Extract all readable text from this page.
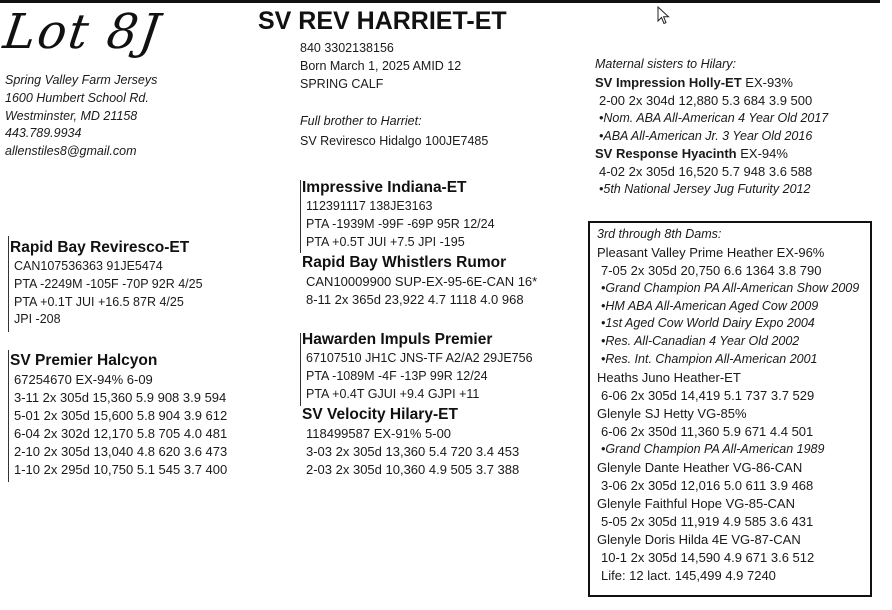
Lot 8J	SV REV HARRIET-ET
Spring Valley Farm Jerseys
1600 Humbert School Rd.
Westminster, MD 21158
443.789.9934
allenstiles8@gmail.com
840 3302138156
Born March 1, 2025 AMID 12
SPRING CALF
Full brother to Harriet:
SV Reviresco Hidalgo 100JE7485
Rapid Bay Reviresco-ET
CAN107536363 91JE5474
PTA -2249M -105F -70P 92R 4/25
PTA +0.1T JUI +16.5 87R 4/25
JPI -208
SV Premier Halcyon
67254670 EX-94% 6-09
3-11 2x 305d 15,360 5.9 908 3.9 594
5-01 2x 305d 15,600 5.8 904 3.9 612
6-04 2x 302d 12,170 5.8 705 4.0 481
2-10 2x 305d 13,040 4.8 620 3.6 473
1-10 2x 295d 10,750 5.1 545 3.7 400
Impressive Indiana-ET
112391117 138JE3163
PTA -1939M -99F -69P 95R 12/24
PTA +0.5T JUI +7.5 JPI -195
Rapid Bay Whistlers Rumor
CAN10009900 SUP-EX-95-6E-CAN 16*
8-11 2x 365d 23,922 4.7 1118 4.0 968
Hawarden Impuls Premier
67107510 JH1C JNS-TF A2/A2 29JE756
PTA -1089M -4F -13P 99R 12/24
PTA +0.4T GJUI +9.4 GJPI +11
SV Velocity Hilary-ET
118499587 EX-91% 5-00
3-03 2x 305d 13,360 5.4 720 3.4 453
2-03 2x 305d 10,360 4.9 505 3.7 388
Maternal sisters to Hilary:
SV Impression Holly-ET EX-93%
2-00 2x 304d 12,880 5.3 684 3.9 500
•Nom. ABA All-American 4 Year Old 2017
•ABA All-American Jr. 3 Year Old 2016
SV Response Hyacinth EX-94%
4-02 2x 305d 16,520 5.7 948 3.6 588
•5th National Jersey Jug Futurity 2012
3rd through 8th Dams:
Pleasant Valley Prime Heather EX-96%
7-05 2x 305d 20,750 6.6 1364 3.8 790
•Grand Champion PA All-American Show 2009
•HM ABA All-American Aged Cow 2009
•1st Aged Cow World Dairy Expo 2004
•Res. All-Canadian 4 Year Old 2002
•Res. Int. Champion All-American 2001
Heaths Juno Heather-ET
6-06 2x 305d 14,419 5.1 737 3.7 529
Glenyle SJ Hetty VG-85%
6-06 2x 350d 11,360 5.9 671 4.4 501
•Grand Champion PA All-American 1989
Glenyle Dante Heather VG-86-CAN
3-06 2x 305d 12,016 5.0 611 3.9 468
Glenyle Faithful Hope VG-85-CAN
5-05 2x 305d 11,919 4.9 585 3.6 431
Glenyle Doris Hilda 4E VG-87-CAN
10-1 2x 305d 14,590 4.9 671 3.6 512
Life: 12 lact. 145,499 4.9 7240
